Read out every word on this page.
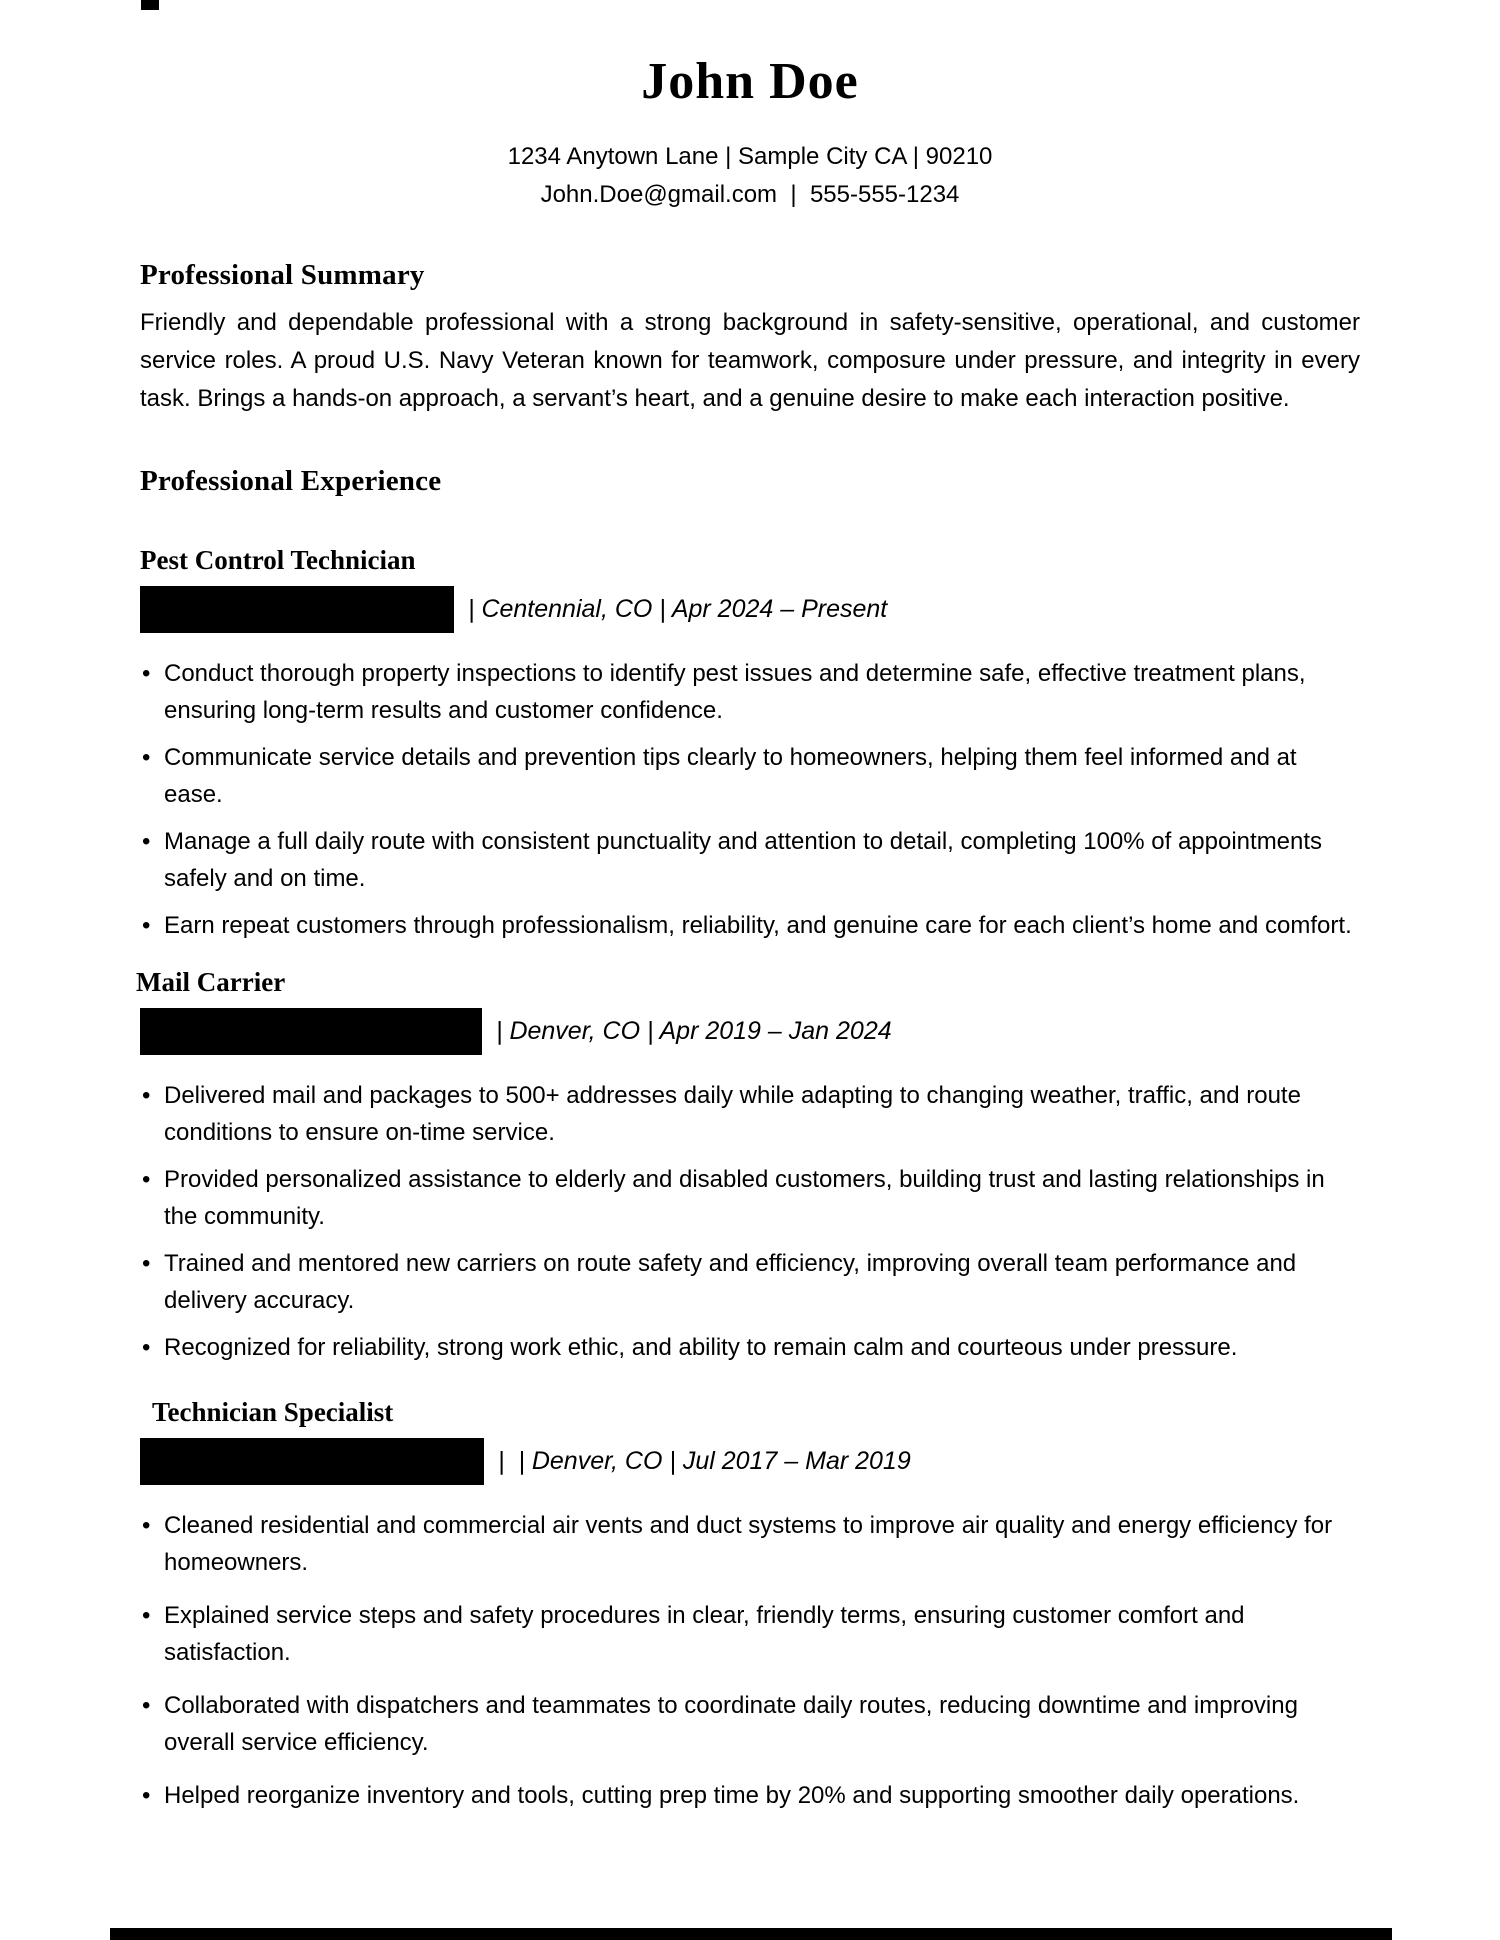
John Doe
1234 Anytown Lane | Sample City CA | 90210
John.Doe@gmail.com  |  555-555-1234
Professional Summary
Friendly and dependable professional with a strong background in safety-sensitive, operational, and customer service roles. A proud U.S. Navy Veteran known for teamwork, composure under pressure, and integrity in every task. Brings a hands-on approach, a servant’s heart, and a genuine desire to make each interaction positive.
Professional Experience
Pest Control Technician
| Centennial, CO | Apr 2024 – Present
• Conduct thorough property inspections to identify pest issues and determine safe, effective treatment plans, ensuring long-term results and customer confidence.
• Communicate service details and prevention tips clearly to homeowners, helping them feel informed and at ease.
• Manage a full daily route with consistent punctuality and attention to detail, completing 100% of appointments safely and on time.
• Earn repeat customers through professionalism, reliability, and genuine care for each client’s home and comfort.
Mail Carrier
| Denver, CO | Apr 2019 – Jan 2024
• Delivered mail and packages to 500+ addresses daily while adapting to changing weather, traffic, and route conditions to ensure on-time service.
• Provided personalized assistance to elderly and disabled customers, building trust and lasting relationships in the community.
• Trained and mentored new carriers on route safety and efficiency, improving overall team performance and delivery accuracy.
• Recognized for reliability, strong work ethic, and ability to remain calm and courteous under pressure.
Technician Specialist
|  | Denver, CO | Jul 2017 – Mar 2019
• Cleaned residential and commercial air vents and duct systems to improve air quality and energy efficiency for homeowners.
• Explained service steps and safety procedures in clear, friendly terms, ensuring customer comfort and satisfaction.
• Collaborated with dispatchers and teammates to coordinate daily routes, reducing downtime and improving overall service efficiency.
• Helped reorganize inventory and tools, cutting prep time by 20% and supporting smoother daily operations.
